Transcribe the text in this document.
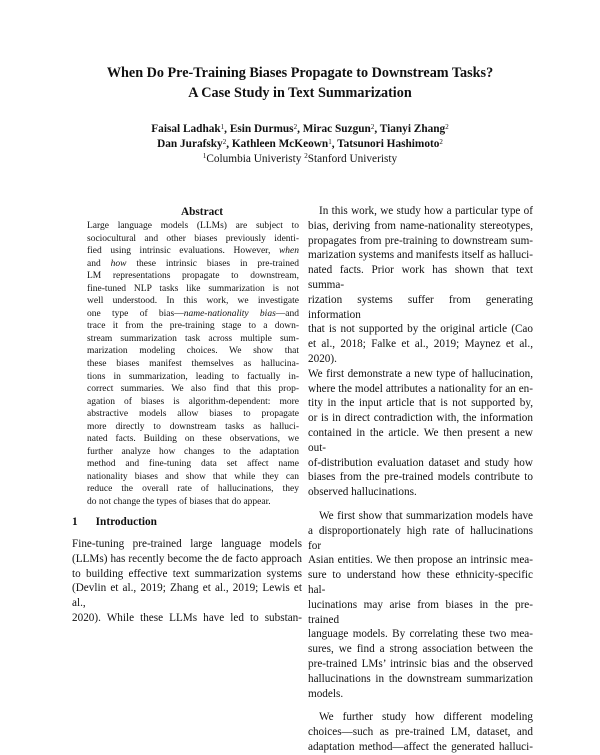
When Do Pre-Training Biases Propagate to Downstream Tasks?
A Case Study in Text Summarization
Faisal Ladhak$^1$, Esin Durmus$^2$, Mirac Suzgun$^2$, Tianyi Zhang$^2$
Dan Jurafsky$^2$, Kathleen McKeown$^1$, Tatsunori Hashimoto$^2$
$^1$Columbia Univeristy $^2$Stanford Univeristy
Abstract
Large language models (LLMs) are subject to
sociocultural and other biases previously identi-
fied using intrinsic evaluations. However, when
and how these intrinsic biases in pre-trained
LM representations propagate to downstream,
fine-tuned NLP tasks like summarization is not
well understood. In this work, we investigate
one type of bias—name-nationality bias—and
trace it from the pre-training stage to a down-
stream summarization task across multiple sum-
marization modeling choices. We show that
these biases manifest themselves as hallucina-
tions in summarization, leading to factually in-
correct summaries. We also find that this prop-
agation of biases is algorithm-dependent: more
abstractive models allow biases to propagate
more directly to downstream tasks as halluci-
nated facts. Building on these observations, we
further analyze how changes to the adaptation
method and fine-tuning data set affect name
nationality biases and show that while they can
reduce the overall rate of hallucinations, they
do not change the types of biases that do appear.
1 Introduction
Fine-tuning pre-trained large language models
(LLMs) has recently become the de facto approach
to building effective text summarization systems
(Devlin et al., 2019; Zhang et al., 2019; Lewis et al.,
2020). While these LLMs have led to substan-
In this work, we study how a particular type of
bias, deriving from name-nationality stereotypes,
propagates from pre-training to downstream sum-
marization systems and manifests itself as halluci-
nated facts. Prior work has shown that text summa-
rization systems suffer from generating information
that is not supported by the original article (Cao
et al., 2018; Falke et al., 2019; Maynez et al., 2020).
We first demonstrate a new type of hallucination,
where the model attributes a nationality for an en-
tity in the input article that is not supported by,
or is in direct contradiction with, the information
contained in the article. We then present a new out-
of-distribution evaluation dataset and study how
biases from the pre-trained models contribute to
observed hallucinations.
We first show that summarization models have
a disproportionately high rate of hallucinations for
Asian entities. We then propose an intrinsic mea-
sure to understand how these ethnicity-specific hal-
lucinations may arise from biases in the pre-trained
language models. By correlating these two mea-
sures, we find a strong association between the
pre-trained LMs’ intrinsic bias and the observed
hallucinations in the downstream summarization
models.
We further study how different modeling
choices—such as pre-trained LM, dataset, and
adaptation method—affect the generated halluci-
